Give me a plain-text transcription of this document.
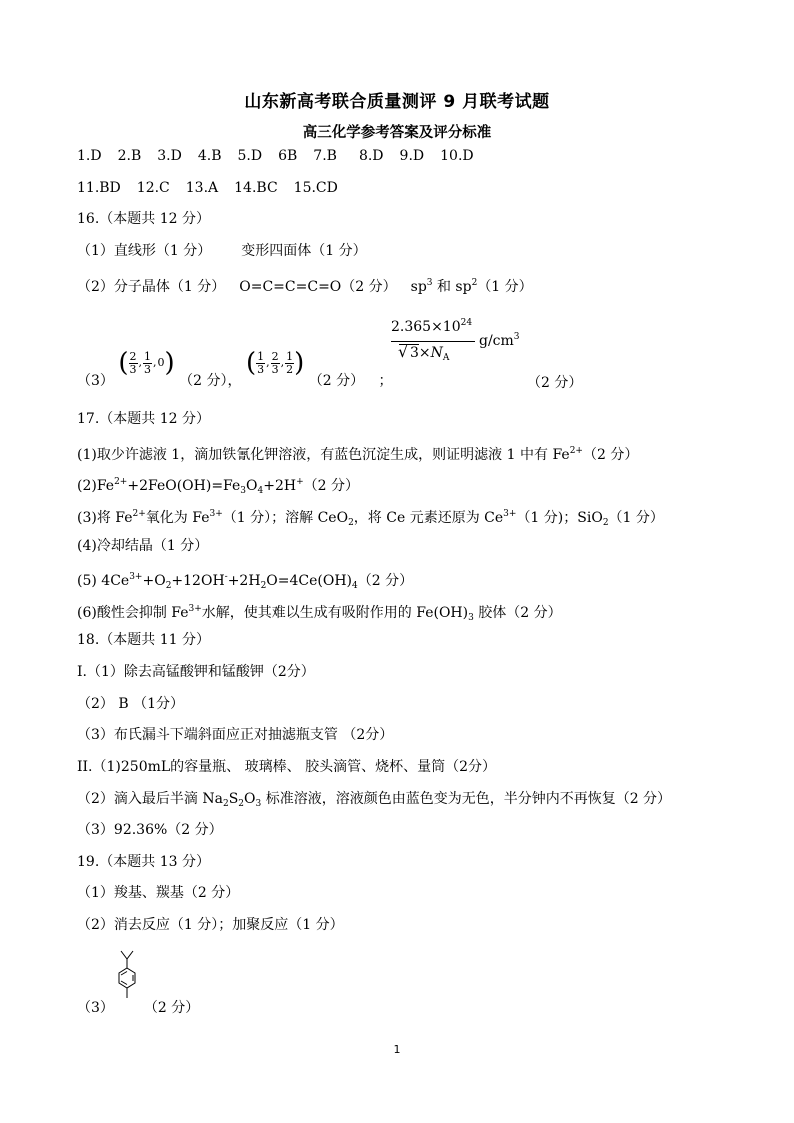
山东新高考联合质量测评 9 月联考试题
高三化学参考答案及评分标准
1.D 2.B 3.D 4.B 5.D 6B 7.B 8.D 9.D 10.D
11.BD 12.C 13.A 14.BC 15.CD
16.（本题共 12 分）
（1）直线形（1 分） 变形四面体（1 分）
（2）分子晶体（1 分） O=C=C=C=O（2 分） $sp^3$ 和 $sp^2(1$ 分）
（3）
( $\frac{2}{3}$ , $\frac{1}{3}$ , 0 )
（2 分），
( $\frac{1}{3}$ , $\frac{2}{3}$ , $\frac{1}{2}$ )
（2 分） ；
$2.365\times 10^{24}$
√ $3\times N_A$
$g/cm^3$
（2 分）
17.（本题共 12 分）
(1)取少许滤液 1，滴加铁氰化钾溶液，有蓝色沉淀生成，则证明滤液 1 中有 $Fe^{2+}(2$ 分）
$(2)Fe^{2+}+2FeO(OH)=Fe_3O_4+2H^+(2$ 分）
(3)将 $Fe^{2+}$氧化为 $Fe^{3+}(1$ 分）；溶解 CeO$_2$，将 Ce 元素还原为 $Ce^{3+}(1$ 分)；SiO$_2$（1 分）
(4)冷却结晶（1 分）
(5) $4Ce^{3+}+O_2+12OH^-+2H_2O=4Ce(OH)_4(2$ 分）
(6)酸性会抑制 $Fe^{3+}$水解，使其难以生成有吸附作用的 $Fe(OH)_3$ 胶体（2 分）
18.（本题共 11 分）
I.（1）除去高锰酸钾和锰酸钾（2分）
（2） B （1分）
（3）布氏漏斗下端斜面应正对抽滤瓶支管 （2分）
II.（1)250mL的容量瓶、 玻璃棒、 胶头滴管、烧杯、量筒（2分）
（2）滴入最后半滴 $Na_2S_2O_3$ 标准溶液，溶液颜色由蓝色变为无色，半分钟内不再恢复（2 分）
（3）92.36%（2 分）
19.（本题共 13 分）
（1）羧基、羰基（2 分）
（2）消去反应（1 分）；加聚反应（1 分）
（3） （2 分）
1
